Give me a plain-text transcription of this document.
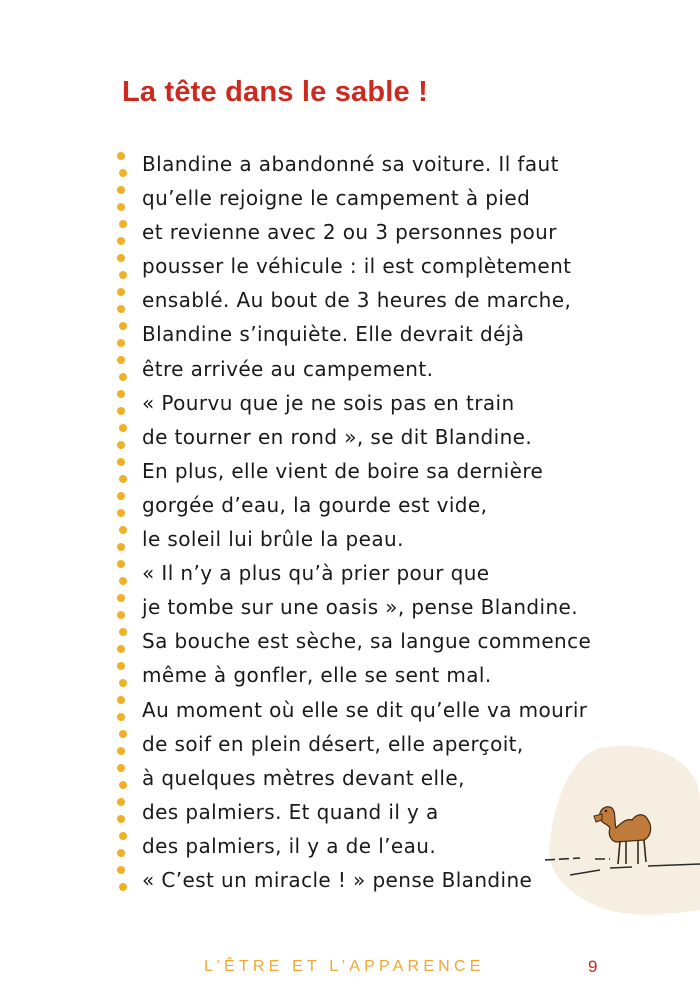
La tête dans le sable !
Blandine a abandonné sa voiture. Il faut
qu’elle rejoigne le campement à pied
et revienne avec 2 ou 3 personnes pour
pousser le véhicule : il est complètement
ensablé. Au bout de 3 heures de marche,
Blandine s’inquiète. Elle devrait déjà
être arrivée au campement.
« Pourvu que je ne sois pas en train
de tourner en rond », se dit Blandine.
En plus, elle vient de boire sa dernière
gorgée d’eau, la gourde est vide,
le soleil lui brûle la peau.
« Il n’y a plus qu’à prier pour que
je tombe sur une oasis », pense Blandine.
Sa bouche est sèche, sa langue commence
même à gonfler, elle se sent mal.
Au moment où elle se dit qu’elle va mourir
de soif en plein désert, elle aperçoit,
à quelques mètres devant elle,
des palmiers. Et quand il y a
des palmiers, il y a de l’eau.
« C’est un miracle ! » pense Blandine
L’ÊTRE ET L’APPARENCE	9
